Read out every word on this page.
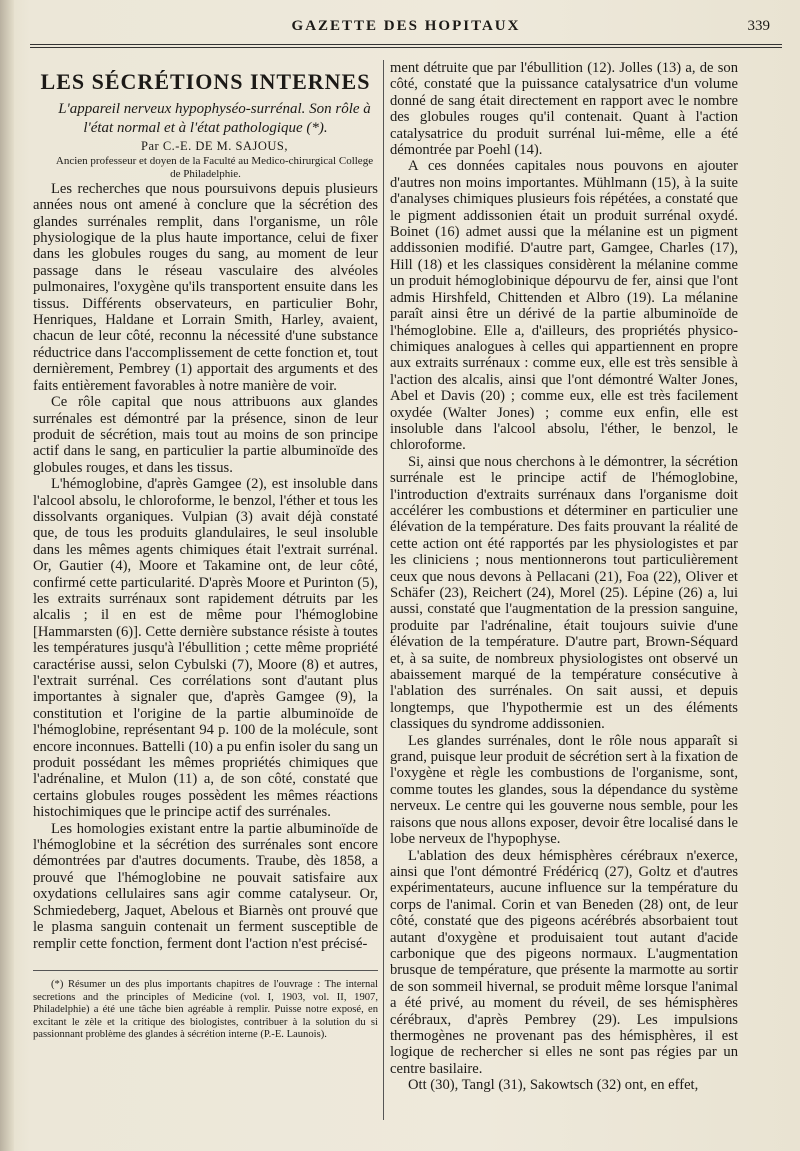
GAZETTE DES HOPITAUX	339
LES SÉCRÉTIONS INTERNES

L'appareil nerveux hypophyséo-surrénal. Son rôle à l'état normal et à l'état pathologique (*).

Par C.-E. DE M. SAJOUS,

Ancien professeur et doyen de la Faculté au Medico-chirurgical College de Philadelphie.

Les recherches que nous poursuivons depuis plusieurs années nous ont amené à conclure que la sécrétion des glandes surrénales remplit, dans l'organisme, un rôle physiologique de la plus haute importance, celui de fixer dans les globules rouges du sang, au moment de leur passage dans le réseau vasculaire des alvéoles pulmonaires, l'oxygène qu'ils transportent ensuite dans les tissus. Différents observateurs, en particulier Bohr, Henriques, Haldane et Lorrain Smith, Harley, avaient, chacun de leur côté, reconnu la nécessité d'une substance réductrice dans l'accomplissement de cette fonction et, tout dernièrement, Pembrey (1) apportait des arguments et des faits entièrement favorables à notre manière de voir.

Ce rôle capital que nous attribuons aux glandes surrénales est démontré par la présence, sinon de leur produit de sécrétion, mais tout au moins de son principe actif dans le sang, en particulier la partie albuminoïde des globules rouges, et dans les tissus.

L'hémoglobine, d'après Gamgee (2), est insoluble dans l'alcool absolu, le chloroforme, le benzol, l'éther et tous les dissolvants organiques. Vulpian (3) avait déjà constaté que, de tous les produits glandulaires, le seul insoluble dans les mêmes agents chimiques était l'extrait surrénal. Or, Gautier (4), Moore et Takamine ont, de leur côté, confirmé cette particularité. D'après Moore et Purinton (5), les extraits surrénaux sont rapidement détruits par les alcalis ; il en est de même pour l'hémoglobine [Hammarsten (6)]. Cette dernière substance résiste à toutes les températures jusqu'à l'ébullition ; cette même propriété caractérise aussi, selon Cybulski (7), Moore (8) et autres, l'extrait surrénal. Ces corrélations sont d'autant plus importantes à signaler que, d'après Gamgee (9), la constitution et l'origine de la partie albuminoïde de l'hémoglobine, représentant 94 p. 100 de la molécule, sont encore inconnues. Battelli (10) a pu enfin isoler du sang un produit possédant les mêmes propriétés chimiques que l'adrénaline, et Mulon (11) a, de son côté, constaté que certains globules rouges possèdent les mêmes réactions histochimiques que le principe actif des surrénales.

Les homologies existant entre la partie albuminoïde de l'hémoglobine et la sécrétion des surrénales sont encore démontrées par d'autres documents. Traube, dès 1858, a prouvé que l'hémoglobine ne pouvait satisfaire aux oxydations cellulaires sans agir comme catalyseur. Or, Schmiedeberg, Jaquet, Abelous et Biarnès ont prouvé que le plasma sanguin contenait un ferment susceptible de remplir cette fonction, ferment dont l'action n'est précisé-

(*) Résumer un des plus importants chapitres de l'ouvrage : The internal secretions and the principles of Medicine (vol. I, 1903, vol. II, 1907, Philadelphie) a été une tâche bien agréable à remplir. Puisse notre exposé, en excitant le zèle et la critique des biologistes, contribuer à la solution du si passionnant problème des glandes à sécrétion interne (P.-E. Launois).

ment détruite que par l'ébullition (12). Jolles (13) a, de son côté, constaté que la puissance catalysatrice d'un volume donné de sang était directement en rapport avec le nombre des globules rouges qu'il contenait. Quant à l'action catalysatrice du produit surrénal lui-même, elle a été démontrée par Poehl (14).

A ces données capitales nous pouvons en ajouter d'autres non moins importantes. Mühlmann (15), à la suite d'analyses chimiques plusieurs fois répétées, a constaté que le pigment addissonien était un produit surrénal oxydé. Boinet (16) admet aussi que la mélanine est un pigment addissonien modifié. D'autre part, Gamgee, Charles (17), Hill (18) et les classiques considèrent la mélanine comme un produit hémoglobinique dépourvu de fer, ainsi que l'ont admis Hirshfeld, Chittenden et Albro (19). La mélanine paraît ainsi être un dérivé de la partie albuminoïde de l'hémoglobine. Elle a, d'ailleurs, des propriétés physico-chimiques analogues à celles qui appartiennent en propre aux extraits surrénaux : comme eux, elle est très sensible à l'action des alcalis, ainsi que l'ont démontré Walter Jones, Abel et Davis (20) ; comme eux, elle est très facilement oxydée (Walter Jones) ; comme eux enfin, elle est insoluble dans l'alcool absolu, l'éther, le benzol, le chloroforme.

Si, ainsi que nous cherchons à le démontrer, la sécrétion surrénale est le principe actif de l'hémoglobine, l'introduction d'extraits surrénaux dans l'organisme doit accélérer les combustions et déterminer en particulier une élévation de la température. Des faits prouvant la réalité de cette action ont été rapportés par les physiologistes et par les cliniciens ; nous mentionnerons tout particulièrement ceux que nous devons à Pellacani (21), Foa (22), Oliver et Schäfer (23), Reichert (24), Morel (25). Lépine (26) a, lui aussi, constaté que l'augmentation de la pression sanguine, produite par l'adrénaline, était toujours suivie d'une élévation de la température. D'autre part, Brown-Séquard et, à sa suite, de nombreux physiologistes ont observé un abaissement marqué de la température consécutive à l'ablation des surrénales. On sait aussi, et depuis longtemps, que l'hypothermie est un des éléments classiques du syndrome addissonien.

Les glandes surrénales, dont le rôle nous apparaît si grand, puisque leur produit de sécrétion sert à la fixation de l'oxygène et règle les combustions de l'organisme, sont, comme toutes les glandes, sous la dépendance du système nerveux. Le centre qui les gouverne nous semble, pour les raisons que nous allons exposer, devoir être localisé dans le lobe nerveux de l'hypophyse.

L'ablation des deux hémisphères cérébraux n'exerce, ainsi que l'ont démontré Frédéricq (27), Goltz et d'autres expérimentateurs, aucune influence sur la température du corps de l'animal. Corin et van Beneden (28) ont, de leur côté, constaté que des pigeons acérébrés absorbaient tout autant d'oxygène et produisaient tout autant d'acide carbonique que des pigeons normaux. L'augmentation brusque de température, que présente la marmotte au sortir de son sommeil hivernal, se produit même lorsque l'animal a été privé, au moment du réveil, de ses hémisphères cérébraux, d'après Pembrey (29). Les impulsions thermogènes ne provenant pas des hémisphères, il est logique de rechercher si elles ne sont pas régies par un centre basilaire.

Ott (30), Tangl (31), Sakowtsch (32) ont, en effet,
